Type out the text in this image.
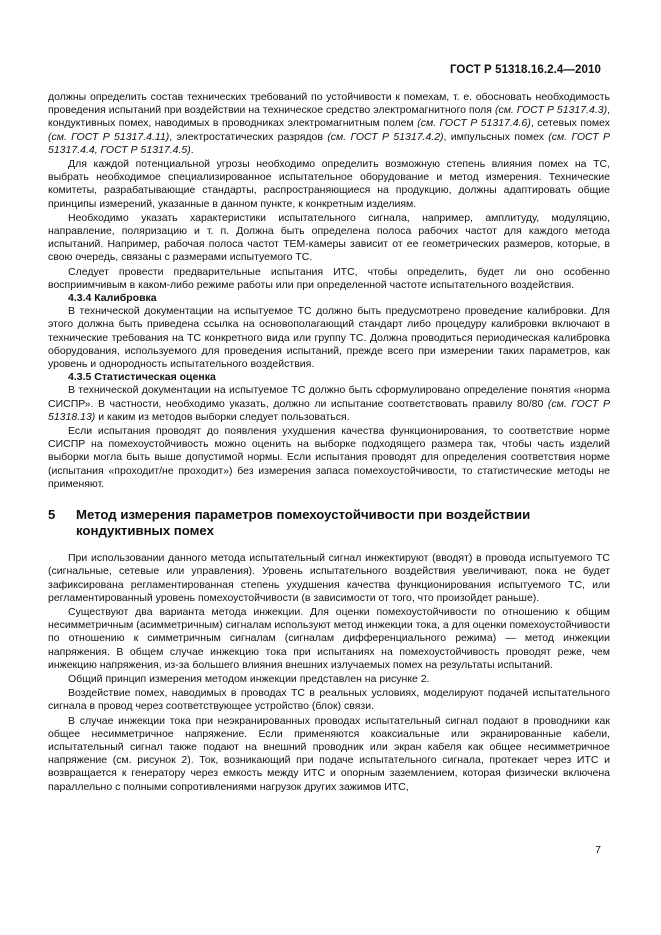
ГОСТ Р 51318.16.2.4—2010

должны определить состав технических требований по устойчивости к помехам, т. е. обосновать необходимость проведения испытаний при воздействии на техническое средство электромагнитного поля (см. ГОСТ Р 51317.4.3), кондуктивных помех, наводимых в проводниках электромагнитным полем (см. ГОСТ Р 51317.4.6), сетевых помех (см. ГОСТ Р 51317.4.11), электростатических разрядов (см. ГОСТ Р 51317.4.2), импульсных помех (см. ГОСТ Р 51317.4.4, ГОСТ Р 51317.4.5).

Для каждой потенциальной угрозы необходимо определить возможную степень влияния помех на ТС, выбрать необходимое специализированное испытательное оборудование и метод измерения. Технические комитеты, разрабатывающие стандарты, распространяющиеся на продукцию, должны адаптировать общие принципы измерений, указанные в данном пункте, к конкретным изделиям.

Необходимо указать характеристики испытательного сигнала, например, амплитуду, модуляцию, направление, поляризацию и т. п. Должна быть определена полоса рабочих частот для каждого метода испытаний. Например, рабочая полоса частот ТЕМ-камеры зависит от ее геометрических размеров, которые, в свою очередь, связаны с размерами испытуемого ТС.

Следует провести предварительные испытания ИТС, чтобы определить, будет ли оно особенно восприимчивым в каком-либо режиме работы или при определенной частоте испытательного воздействия.

4.3.4 Калибровка

В технической документации на испытуемое ТС должно быть предусмотрено проведение калибровки. Для этого должна быть приведена ссылка на основополагающий стандарт либо процедуру калибровки включают в технические требования на ТС конкретного вида или группу ТС. Должна проводиться периодическая калибровка оборудования, используемого для проведения испытаний, прежде всего при измерении таких параметров, как уровень и однородность испытательного воздействия.

4.3.5 Статистическая оценка

В технической документации на испытуемое ТС должно быть сформулировано определение понятия «норма СИСПР». В частности, необходимо указать, должно ли испытание соответствовать правилу 80/80 (см. ГОСТ Р 51318.13) и каким из методов выборки следует пользоваться.

Если испытания проводят до появления ухудшения качества функционирования, то соответствие норме СИСПР на помехоустойчивость можно оценить на выборке подходящего размера так, чтобы часть изделий выборки могла быть выше допустимой нормы. Если испытания проводят для определения соответствия норме (испытания «проходит/не проходит») без измерения запаса помехоустойчивости, то статистические методы не применяют.

5	Метод измерения параметров помехоустойчивости при воздействии кондуктивных помех

При использовании данного метода испытательный сигнал инжектируют (вводят) в провода испытуемого ТС (сигнальные, сетевые или управления). Уровень испытательного воздействия увеличивают, пока не будет зафиксирована регламентированная степень ухудшения качества функционирования испытуемого ТС, или регламентированный уровень помехоустойчивости (в зависимости от того, что произойдет раньше).

Существуют два варианта метода инжекции. Для оценки помехоустойчивости по отношению к общим несимметричным (асимметричным) сигналам используют метод инжекции тока, а для оценки помехоустойчивости по отношению к симметричным сигналам (сигналам дифференциального режима) — метод инжекции напряжения. В общем случае инжекцию тока при испытаниях на помехоустойчивость проводят реже, чем инжекцию напряжения, из-за большего влияния внешних излучаемых помех на результаты испытаний.

Общий принцип измерения методом инжекции представлен на рисунке 2.

Воздействие помех, наводимых в проводах ТС в реальных условиях, моделируют подачей испытательного сигнала в провод через соответствующее устройство (блок) связи.

В случае инжекции тока при неэкранированных проводах испытательный сигнал подают в проводники как общее несимметричное напряжение. Если применяются коаксиальные или экранированные кабели, испытательный сигнал также подают на внешний проводник или экран кабеля как общее несимметричное напряжение (см. рисунок 2). Ток, возникающий при подаче испытательного сигнала, протекает через ИТС и возвращается к генератору через емкость между ИТС и опорным заземлением, которая физически включена параллельно с полными сопротивлениями нагрузок других зажимов ИТС,

7
